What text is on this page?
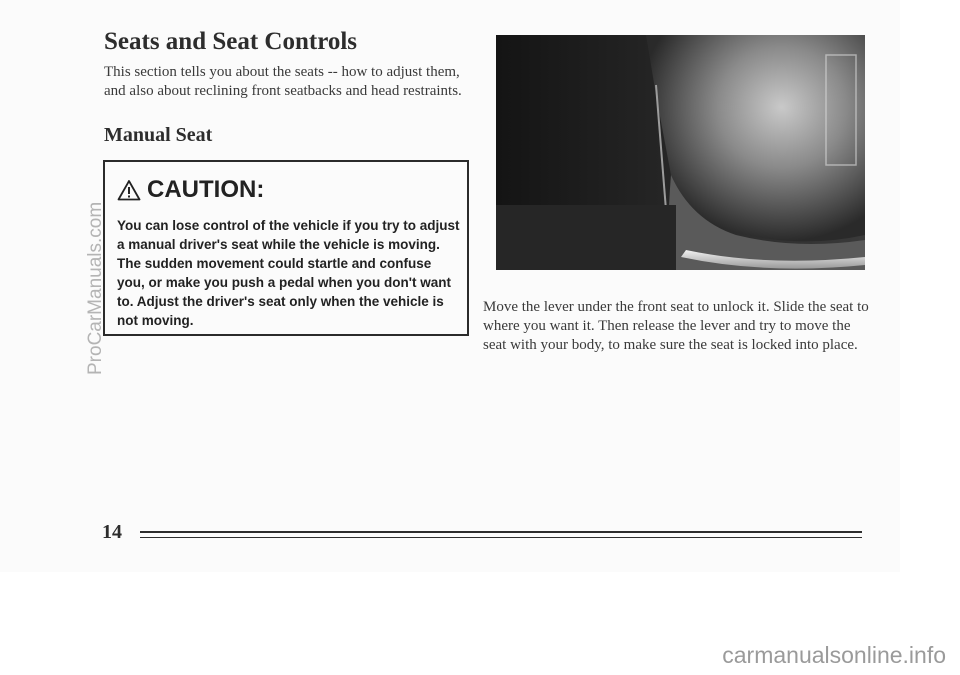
Seats and Seat Controls

This section tells you about the seats -- how to adjust them, and also about reclining front seatbacks and head restraints.

Manual Seat
CAUTION:

You can lose control of the vehicle if you try to adjust a manual driver's seat while the vehicle is moving. The sudden movement could startle and confuse you, or make you push a pedal when you don't want to. Adjust the driver's seat only when the vehicle is not moving.

Move the lever under the front seat to unlock it. Slide the seat to where you want it. Then release the lever and try to move the seat with your body, to make sure the seat is locked into place.

14
ProCarManuals.com
carmanualsonline.info
